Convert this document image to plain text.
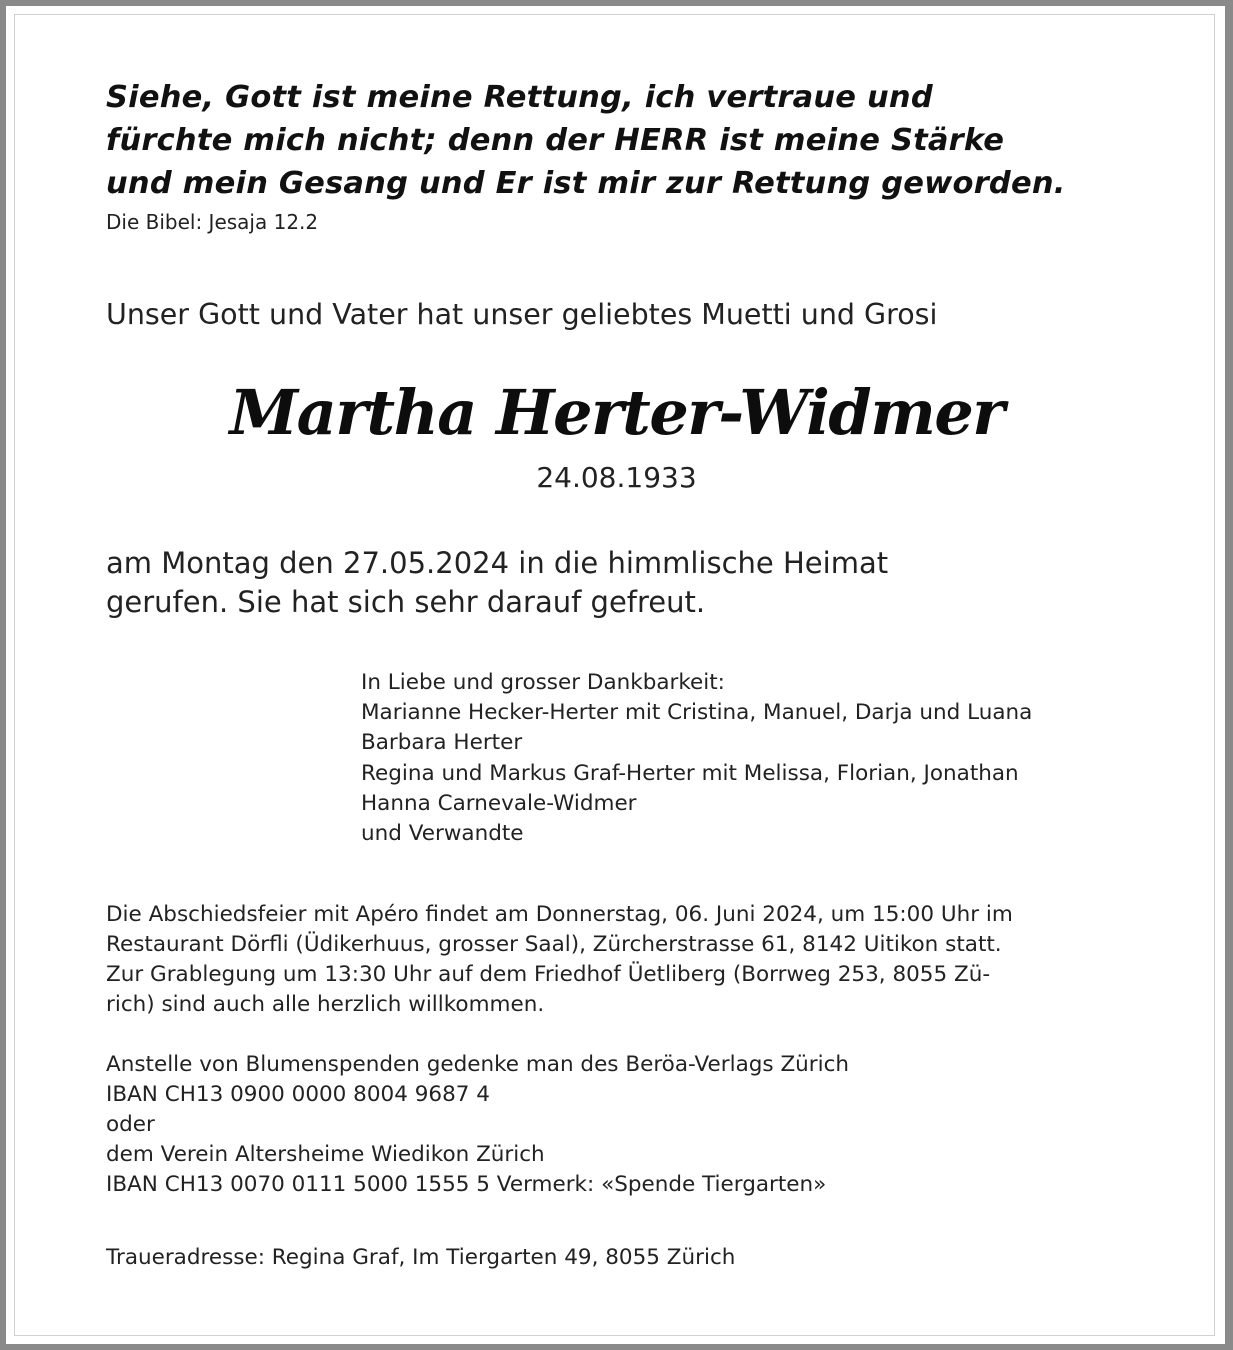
Siehe, Gott ist meine Rettung, ich vertraue und
fürchte mich nicht; denn der HERR ist meine Stärke
und mein Gesang und Er ist mir zur Rettung geworden.
Die Bibel: Jesaja 12.2
Unser Gott und Vater hat unser geliebtes Muetti und Grosi
Martha Herter-Widmer
24.08.1933
am Montag den 27.05.2024 in die himmlische Heimat
gerufen. Sie hat sich sehr darauf gefreut.
In Liebe und grosser Dankbarkeit:
Marianne Hecker-Herter mit Cristina, Manuel, Darja und Luana
Barbara Herter
Regina und Markus Graf-Herter mit Melissa, Florian, Jonathan
Hanna Carnevale-Widmer
und Verwandte
Die Abschiedsfeier mit Apéro findet am Donnerstag, 06. Juni 2024, um 15:00 Uhr im
Restaurant Dörfli (Üdikerhuus, grosser Saal), Zürcherstrasse 61, 8142 Uitikon statt.
Zur Grablegung um 13:30 Uhr auf dem Friedhof Üetliberg (Borrweg 253, 8055 Zü-
rich) sind auch alle herzlich willkommen.
Anstelle von Blumenspenden gedenke man des Beröa-Verlags Zürich
IBAN CH13 0900 0000 8004 9687 4
oder
dem Verein Altersheime Wiedikon Zürich
IBAN CH13 0070 0111 5000 1555 5 Vermerk: «Spende Tiergarten»
Traueradresse: Regina Graf, Im Tiergarten 49, 8055 Zürich
